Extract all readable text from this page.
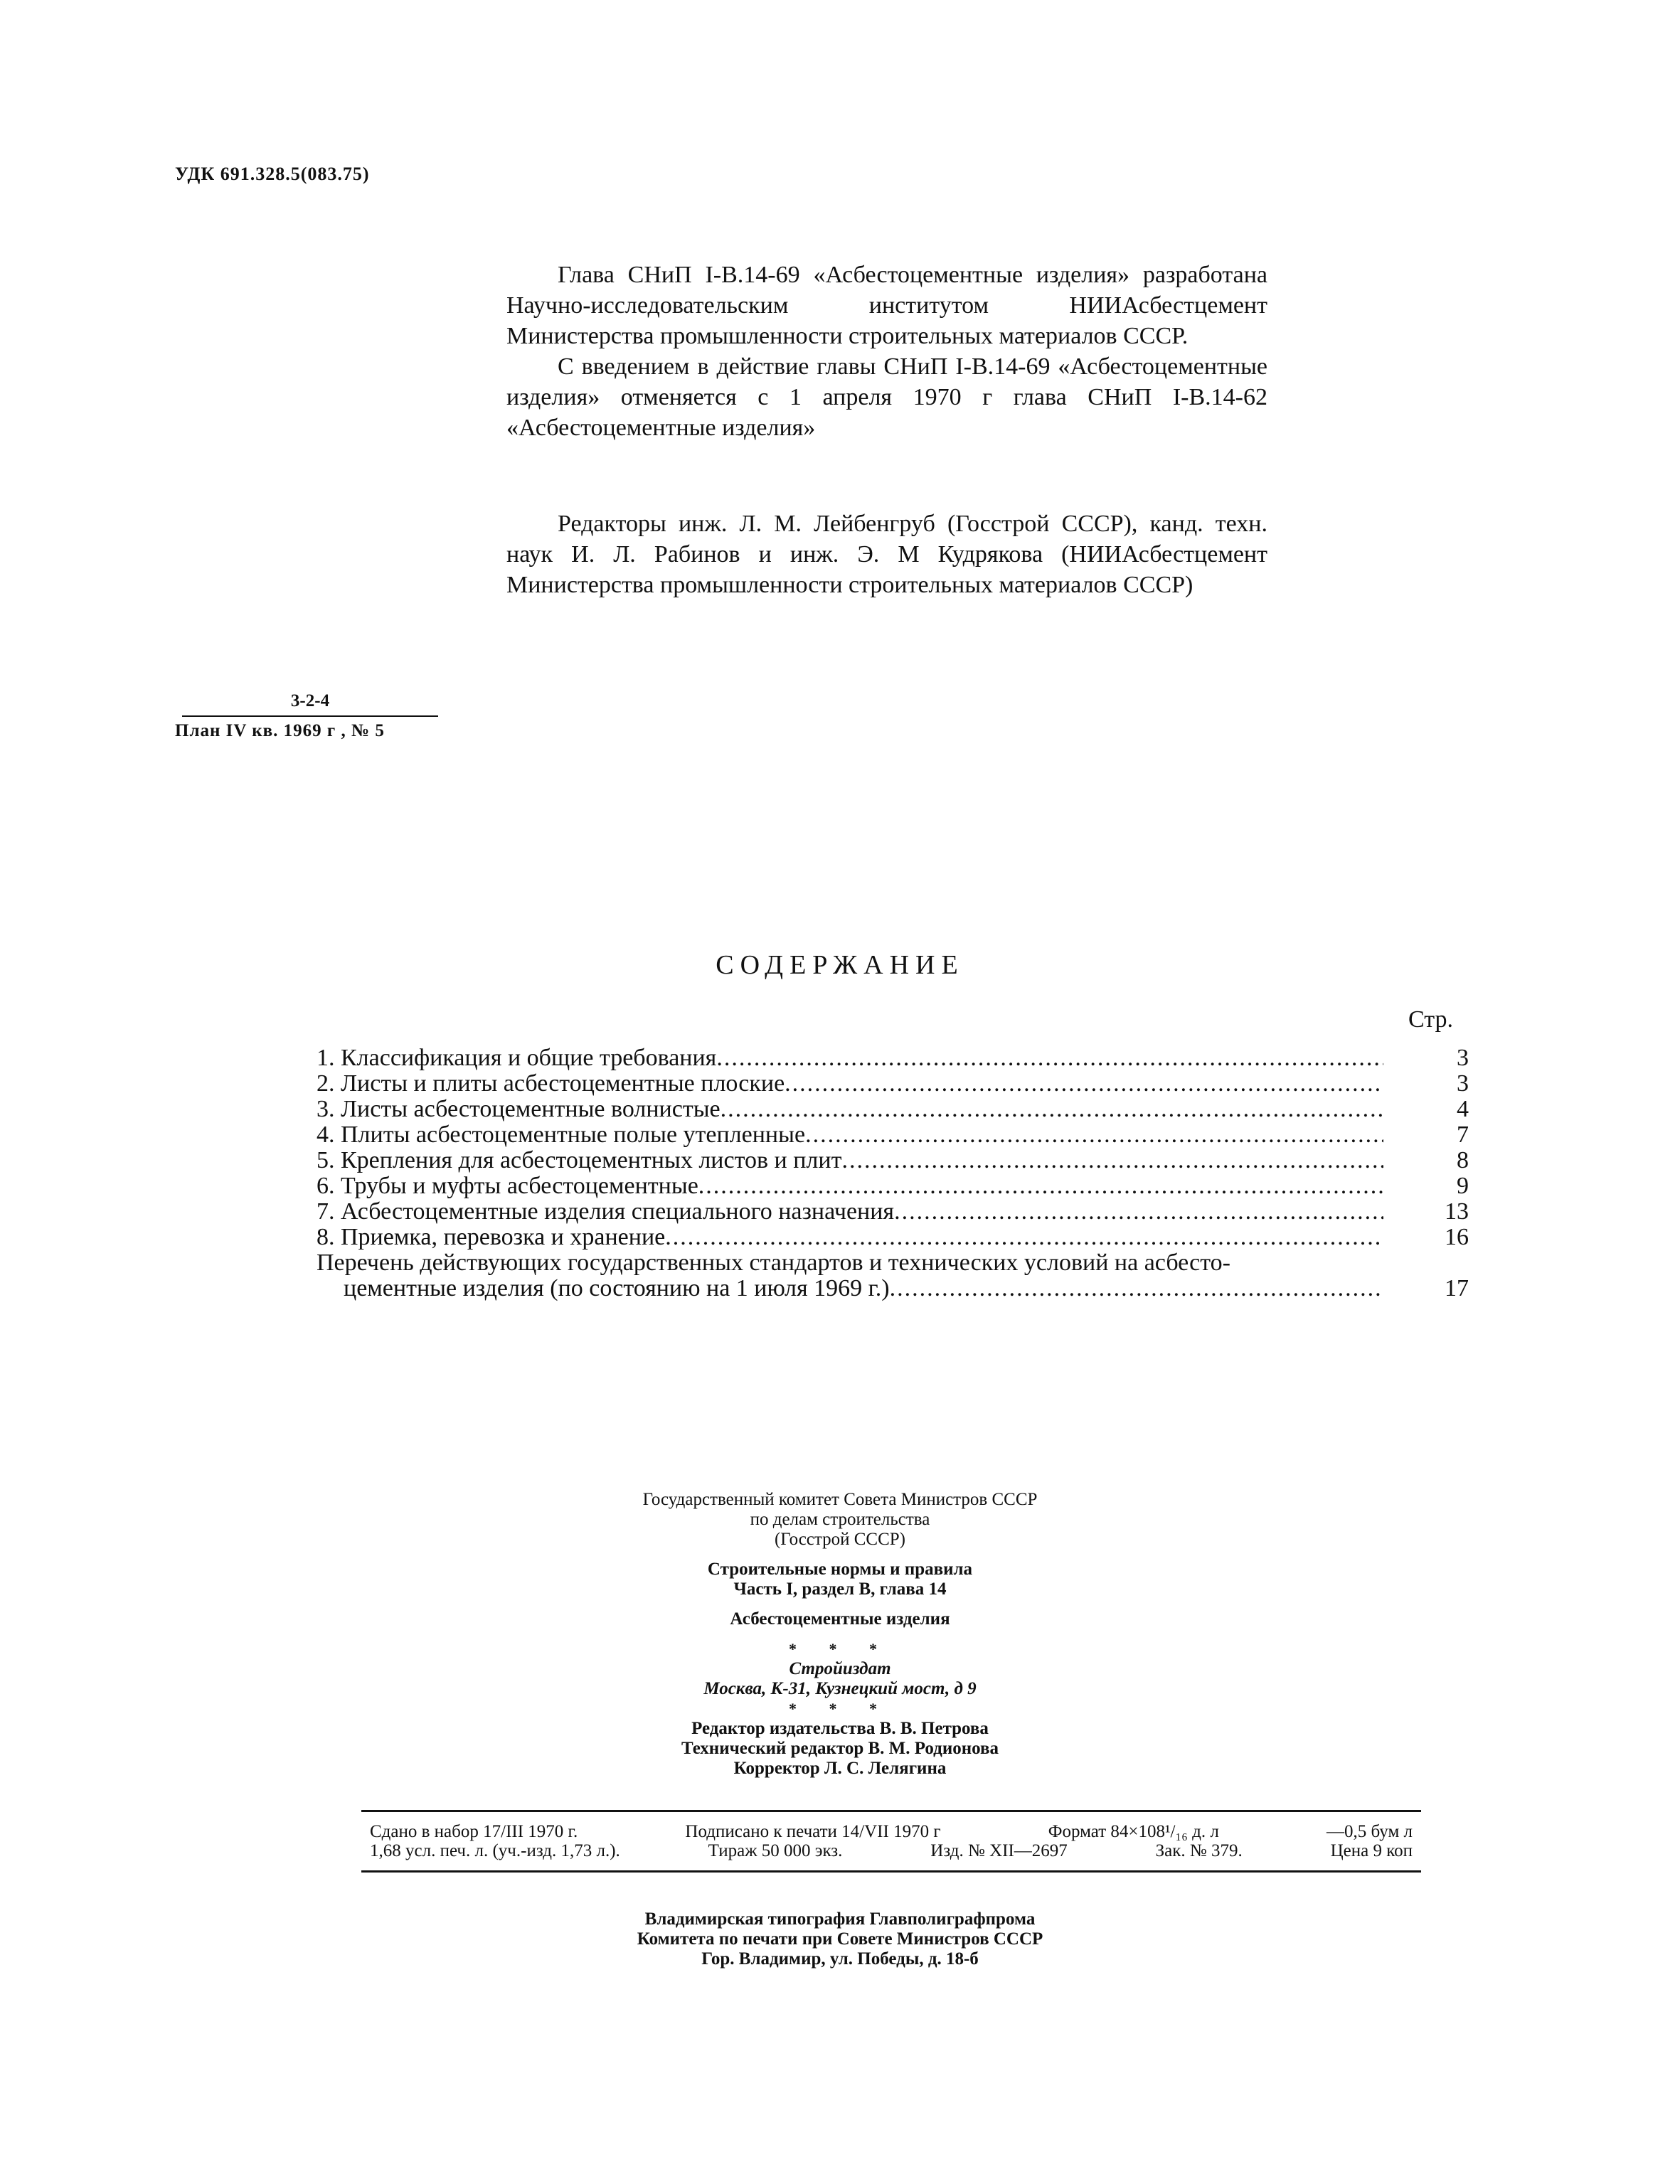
УДК 691.328.5(083.75)

Глава СНиП I-В.14-69 «Асбестоцементные изделия» разработана Научно-исследовательским институтом НИИАсбестцемент Министерства промышленности строительных материалов СССР.

С введением в действие главы СНиП I-В.14-69 «Асбестоцементные изделия» отменяется с 1 апреля 1970 г глава СНиП I-В.14-62 «Асбестоцементные изделия»

Редакторы инж. Л. М. Лейбенгруб (Госстрой СССР), канд. техн. наук И. Л. Рабинов и инж. Э. М Кудрякова (НИИАсбестцемент Министерства промышленности строительных материалов СССР)

3-2-4
План IV кв. 1969 г , № 5
СОДЕРЖАНИЕ
Стр.
1. Классификация и общие требования .....	3
2. Листы и плиты асбестоцементные плоские .....	3
3. Листы асбестоцементные волнистые .....	4
4. Плиты асбестоцементные полые утепленные .....	7
5. Крепления для асбестоцементных листов и плит .....	8
6. Трубы и муфты асбестоцементные .....	9
7. Асбестоцементные изделия специального назначения .....	13
8. Приемка, перевозка и хранение .....	16
Перечень действующих государственных стандартов и технических условий на асбесто-
цементные изделия (по состоянию на 1 июля 1969 г.) .....	17
Государственный комитет Совета Министров СССР
по делам строительства
(Госстрой СССР)
Строительные нормы и правила
Часть I, раздел В, глава 14
Асбестоцементные изделия
* * *
Стройиздат
Москва, К-31, Кузнецкий мост, д 9
* * *
Редактор издательства В. В. Петрова
Технический редактор В. М. Родионова
Корректор Л. С. Лелягина
Сдано в набор 17/III 1970 г.	Подписано к печати 14/VII 1970 г	Формат 84×108¹/₁₆ д. л	—0,5 бум л
1,68 усл. печ. л. (уч.-изд. 1,73 л.).	Тираж 50 000 экз.	Изд. № XII—2697	Зак. № 379.	Цена 9 коп
Владимирская типография Главполиграфпрома
Комитета по печати при Совете Министров СССР
Гор. Владимир, ул. Победы, д. 18-б
